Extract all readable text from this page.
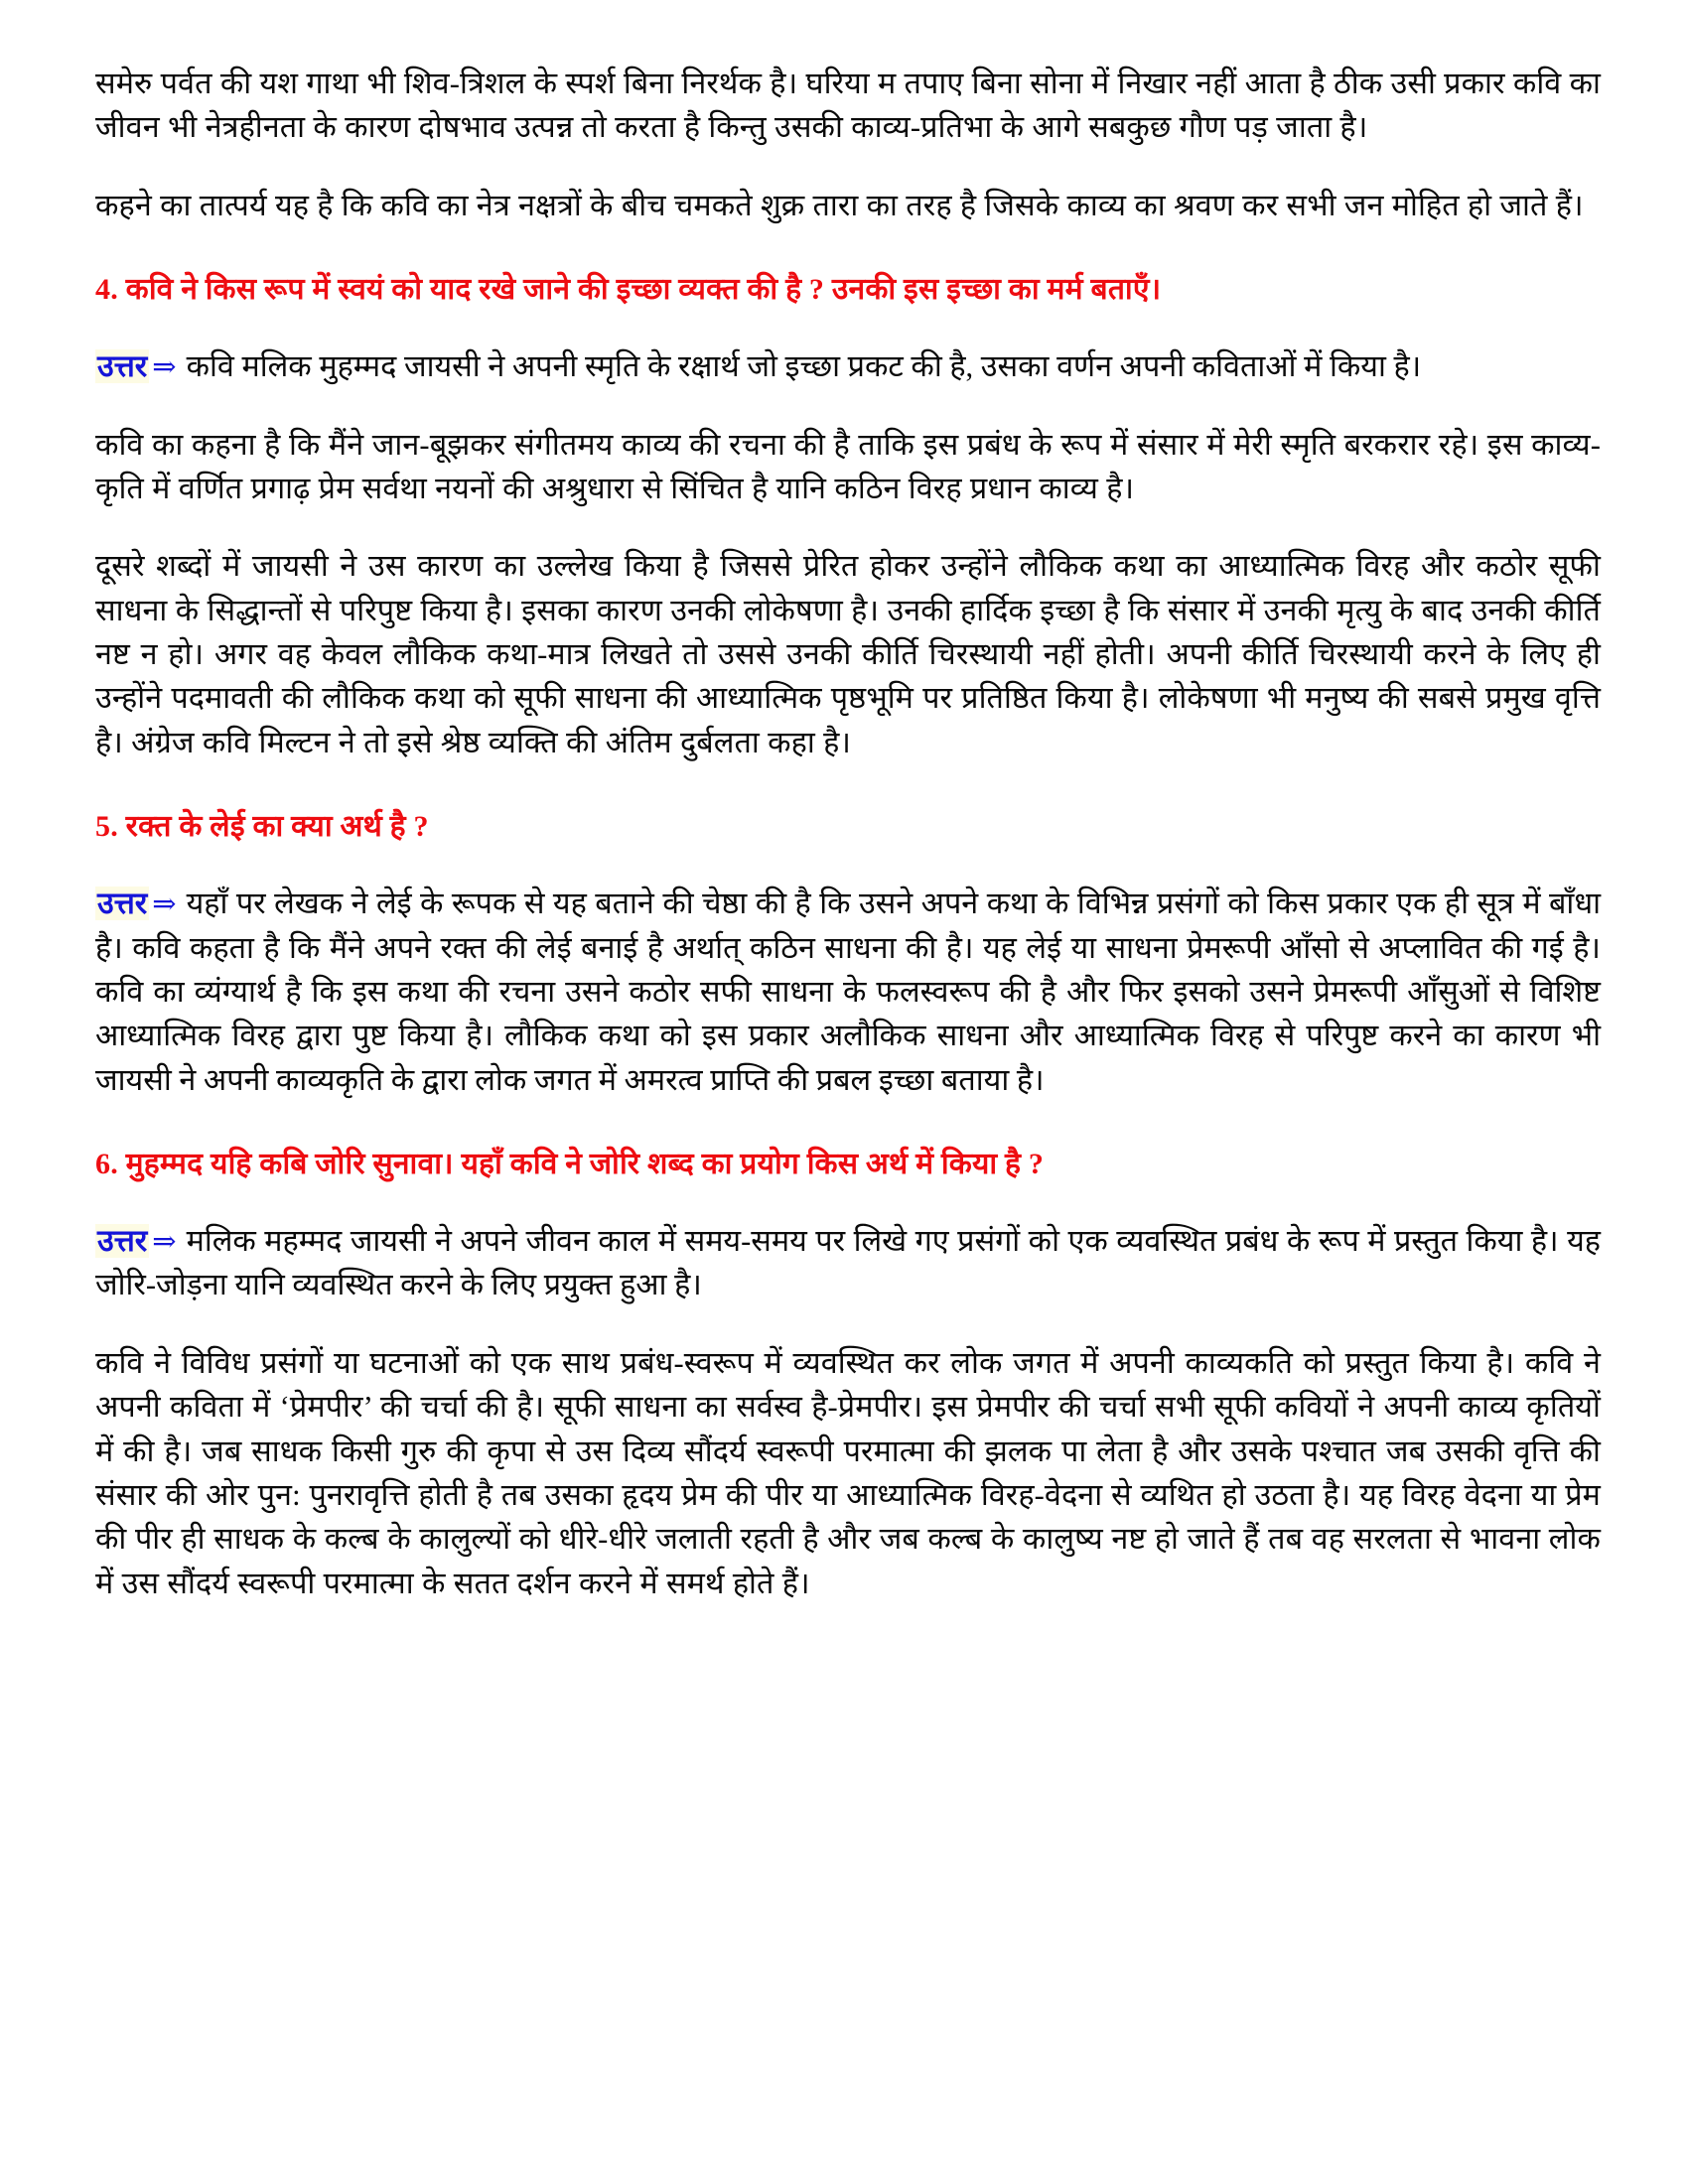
समेरु पर्वत की यश गाथा भी शिव-त्रिशल के स्पर्श बिना निरर्थक है। घरिया म तपाए बिना सोना में निखार नहीं आता है ठीक उसी प्रकार कवि का जीवन भी नेत्रहीनता के कारण दोषभाव उत्पन्न तो करता है किन्तु उसकी काव्य-प्रतिभा के आगे सबकुछ गौण पड़ जाता है।

कहने का तात्पर्य यह है कि कवि का नेत्र नक्षत्रों के बीच चमकते शुक्र तारा का तरह है जिसके काव्य का श्रवण कर सभी जन मोहित हो जाते हैं।

4. कवि ने किस रूप में स्वयं को याद रखे जाने की इच्छा व्यक्त की है ? उनकी इस इच्छा का मर्म बताएँ।

उत्तर ⇒ कवि मलिक मुहम्मद जायसी ने अपनी स्मृति के रक्षार्थ जो इच्छा प्रकट की है, उसका वर्णन अपनी कविताओं में किया है।

कवि का कहना है कि मैंने जान-बूझकर संगीतमय काव्य की रचना की है ताकि इस प्रबंध के रूप में संसार में मेरी स्मृति बरकरार रहे। इस काव्य-कृति में वर्णित प्रगाढ़ प्रेम सर्वथा नयनों की अश्रुधारा से सिंचित है यानि कठिन विरह प्रधान काव्य है।

दूसरे शब्दों में जायसी ने उस कारण का उल्लेख किया है जिससे प्रेरित होकर उन्होंने लौकिक कथा का आध्यात्मिक विरह और कठोर सूफी साधना के सिद्धान्तों से परिपुष्ट किया है। इसका कारण उनकी लोकेषणा है। उनकी हार्दिक इच्छा है कि संसार में उनकी मृत्यु के बाद उनकी कीर्ति नष्ट न हो। अगर वह केवल लौकिक कथा-मात्र लिखते तो उससे उनकी कीर्ति चिरस्थायी नहीं होती। अपनी कीर्ति चिरस्थायी करने के लिए ही उन्होंने पदमावती की लौकिक कथा को सूफी साधना की आध्यात्मिक पृष्ठभूमि पर प्रतिष्ठित किया है। लोकेषणा भी मनुष्य की सबसे प्रमुख वृत्ति है। अंग्रेज कवि मिल्टन ने तो इसे श्रेष्ठ व्यक्ति की अंतिम दुर्बलता कहा है।

5. रक्त के लेई का क्या अर्थ है ?

उत्तर ⇒ यहाँ पर लेखक ने लेई के रूपक से यह बताने की चेष्ठा की है कि उसने अपने कथा के विभिन्न प्रसंगों को किस प्रकार एक ही सूत्र में बाँधा है। कवि कहता है कि मैंने अपने रक्त की लेई बनाई है अर्थात् कठिन साधना की है। यह लेई या साधना प्रेमरूपी आँसो से अप्लावित की गई है। कवि का व्यंग्यार्थ है कि इस कथा की रचना उसने कठोर सफी साधना के फलस्वरूप की है और फिर इसको उसने प्रेमरूपी आँसुओं से विशिष्ट आध्यात्मिक विरह द्वारा पुष्ट किया है। लौकिक कथा को इस प्रकार अलौकिक साधना और आध्यात्मिक विरह से परिपुष्ट करने का कारण भी जायसी ने अपनी काव्यकृति के द्वारा लोक जगत में अमरत्व प्राप्ति की प्रबल इच्छा बताया है।

6. मुहम्मद यहि कबि जोरि सुनावा। यहाँ कवि ने जोरि शब्द का प्रयोग किस अर्थ में किया है ?

उत्तर ⇒ मलिक महम्मद जायसी ने अपने जीवन काल में समय-समय पर लिखे गए प्रसंगों को एक व्यवस्थित प्रबंध के रूप में प्रस्तुत किया है। यह जोरि-जोड़ना यानि व्यवस्थित करने के लिए प्रयुक्त हुआ है।

कवि ने विविध प्रसंगों या घटनाओं को एक साथ प्रबंध-स्वरूप में व्यवस्थित कर लोक जगत में अपनी काव्यकति को प्रस्तुत किया है। कवि ने अपनी कविता में ‘प्रेमपीर’ की चर्चा की है। सूफी साधना का सर्वस्व है-प्रेमपीर। इस प्रेमपीर की चर्चा सभी सूफी कवियों ने अपनी काव्य कृतियों में की है। जब साधक किसी गुरु की कृपा से उस दिव्य सौंदर्य स्वरूपी परमात्मा की झलक पा लेता है और उसके पश्चात जब उसकी वृत्ति की संसार की ओर पुन: पुनरावृत्ति होती है तब उसका हृदय प्रेम की पीर या आध्यात्मिक विरह-वेदना से व्यथित हो उठता है। यह विरह वेदना या प्रेम की पीर ही साधक के कल्ब के कालुल्यों को धीरे-धीरे जलाती रहती है और जब कल्ब के कालुष्य नष्ट हो जाते हैं तब वह सरलता से भावना लोक में उस सौंदर्य स्वरूपी परमात्मा के सतत दर्शन करने में समर्थ होते हैं।
